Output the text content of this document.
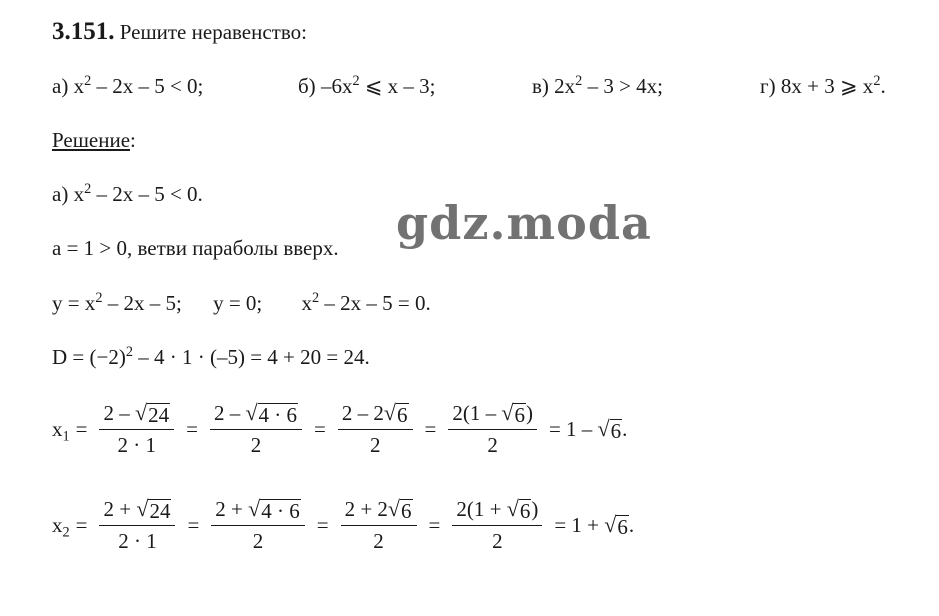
3.151. Решите неравенство:
а) $x^2 - 2x - 5 < 0$;	б) $-6x^2$ ⩽ x – 3;	в) $2x^2 - 3 > 4x$;	г) 8x + 3 ⩾ $x^2$.
Решение:
а) $x^2 - 2x - 5 < 0$.
gdz.moda
a = 1 > 0, ветви параболы вверх.
$y = x^2 - 2x - 5$; y = 0; $x^2 - 2x - 5 = 0$.
$D = (-2)^2 - 4 \cdot 1 \cdot (-5) = 4 + 20 = 24$.
$x_1 = \frac{2 - √ 24}{2 \cdot 1} = \frac{2 - √ 4 \cdot 6}{2} = \frac{2 - 2 √ 6}{2} = \frac{2(1 - √ 6 )}{2} = 1$ – √ 6 .
$x_2 = \frac{2 + √ 24}{2 \cdot 1} = \frac{2 + √ 4 \cdot 6}{2} = \frac{2 + 2 √ 6}{2} = \frac{2(1 + √ 6 )}{2} = 1$ + √ 6 .
